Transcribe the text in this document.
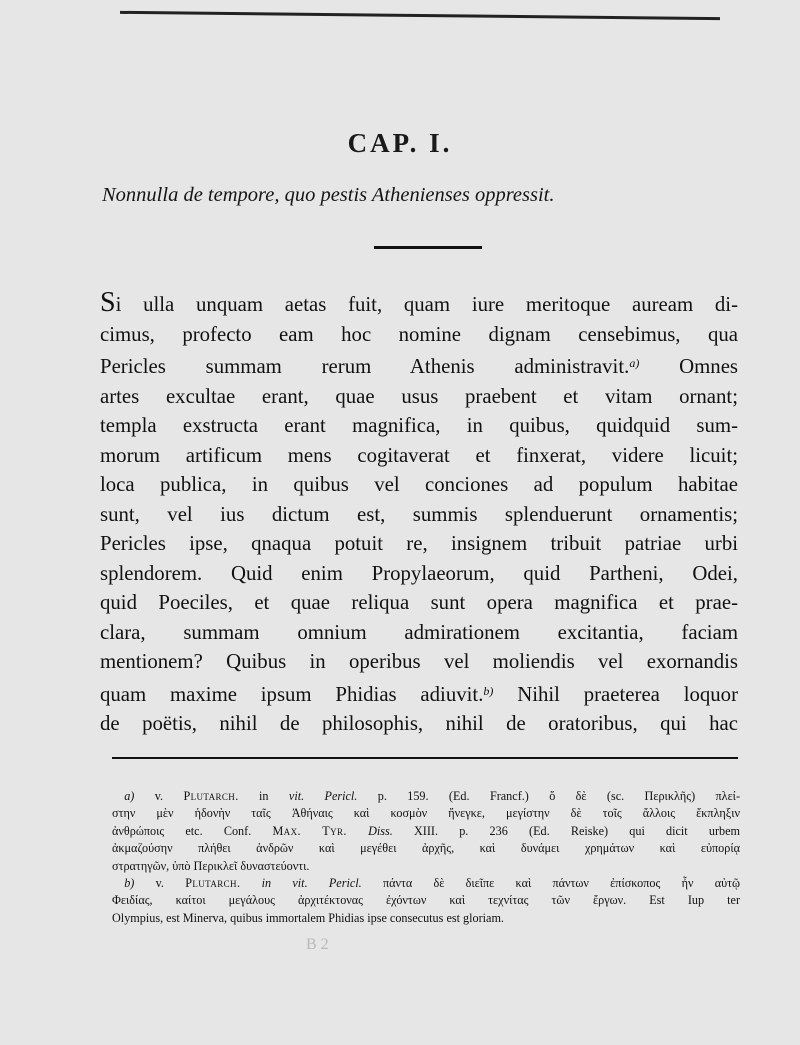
CAP. I.
Nonnulla de tempore, quo pestis Athenienses oppressit.
Si ulla unquam aetas fuit, quam iure meritoque auream di-
cimus, profecto eam hoc nomine dignam censebimus, qua
Pericles summam rerum Athenis administravit.$^{a)}$ Omnes
artes excultae erant, quae usus praebent et vitam ornant;
templa exstructa erant magnifica, in quibus, quidquid sum-
morum artificum mens cogitaverat et finxerat, videre licuit;
loca publica, in quibus vel conciones ad populum habitae
sunt, vel ius dictum est, summis splenduerunt ornamentis;
Pericles ipse, qnaqua potuit re, insignem tribuit patriae urbi
splendorem. Quid enim Propylaeorum, quid Partheni, Odei,
quid Poeciles, et quae reliqua sunt opera magnifica et prae-
clara, summam omnium admirationem excitantia, faciam
mentionem? Quibus in operibus vel moliendis vel exornandis
quam maxime ipsum Phidias adiuvit.$^{b)}$ Nihil praeterea loquor
de poëtis, nihil de philosophis, nihil de oratoribus, qui hac
 a) v. Plutarch. in vit. Pericl. p. 159. (Ed. Francf.) ὅ δὲ (sc. Περικλῆς) πλεί-
στην μὲν ἡδονὴν ταῖς Ἀθήναις καὶ κοσμὸν ἤνεγκε, μεγίστην δὲ τοῖς ἄλλοις ἔκπληξιν
ἀνθρώποις etc. Conf. Max. Tyr. Diss. XIII. p. 236 (Ed. Reiske) qui dicit urbem
ἀκμαζούσην πλήθει ἀνδρῶν καὶ μεγέθει ἀρχῆς, καὶ δυνάμει χρημάτων καὶ εὐπορίᾳ
στρατηγῶν, ὑπὸ Περικλεῖ δυναστεύοντι.
 b) v. Plutarch. in vit. Pericl. πάντα δὲ διεῖπε καὶ πάντων ἐπίσκοπος ἦν αὐτῷ
Φειδίας, καίτοι μεγάλους ἀρχιτέκτονας ἐχόντων καὶ τεχνίτας τῶν ἔργων. Est Iup ter
Olympius, est Minerva, quibus immortalem Phidias ipse consecutus est gloriam.
B 2
